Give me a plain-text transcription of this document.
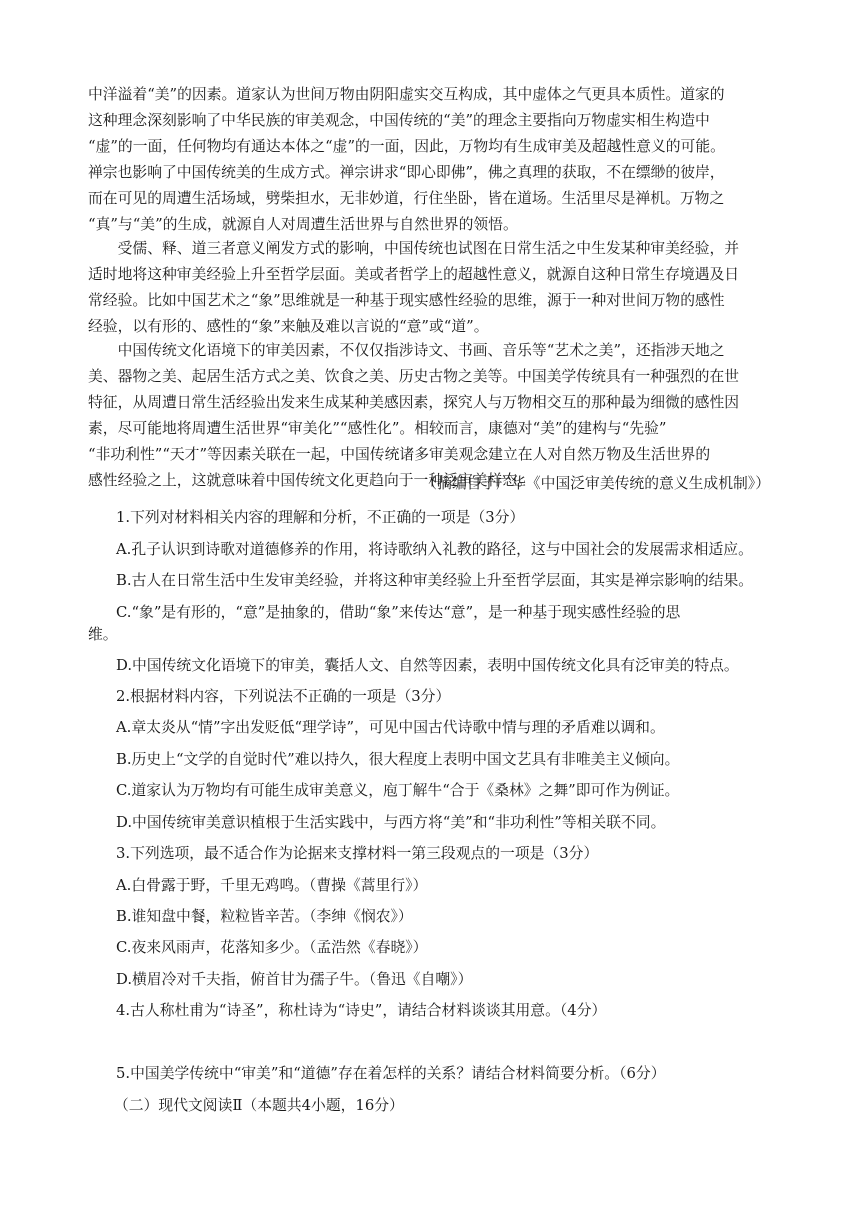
中洋溢着“美”的因素。道家认为世间万物由阴阳虚实交互构成，其中虚体之气更具本质性。道家的
这种理念深刻影响了中华民族的审美观念，中国传统的“美”的理念主要指向万物虚实相生构造中
“虚”的一面，任何物均有通达本体之“虚”的一面，因此，万物均有生成审美及超越性意义的可能。
禅宗也影响了中国传统美的生成方式。禅宗讲求“即心即佛”，佛之真理的获取，不在缥缈的彼岸，
而在可见的周遭生活场域，劈柴担水，无非妙道，行住坐卧，皆在道场。生活里尽是禅机。万物之
“真”与“美”的生成，就源自人对周遭生活世界与自然世界的领悟。
　　受儒、释、道三者意义阐发方式的影响，中国传统也试图在日常生活之中生发某种审美经验，并
适时地将这种审美经验上升至哲学层面。美或者哲学上的超越性意义，就源自这种日常生存境遇及日
常经验。比如中国艺术之“象”思维就是一种基于现实感性经验的思维，源于一种对世间万物的感性
经验，以有形的、感性的“象”来触及难以言说的“意”或“道”。
　　中国传统文化语境下的审美因素，不仅仅指涉诗文、书画、音乐等“艺术之美”，还指涉天地之
美、器物之美、起居生活方式之美、饮食之美、历史古物之美等。中国美学传统具有一种强烈的在世
特征，从周遭日常生活经验出发来生成某种美感因素，探究人与万物相交互的那种最为细微的感性因
素，尽可能地将周遭生活世界“审美化”“感性化”。相较而言，康德对“美”的建构与“先验”
“非功利性”“天才”等因素关联在一起，中国传统诸多审美观念建立在人对自然万物及生活世界的
感性经验之上，这就意味着中国传统文化更趋向于一种泛审美样态。

（摘编自于广华《中国泛审美传统的意义生成机制》）

1.下列对材料相关内容的理解和分析，不正确的一项是（3分）

A.孔子认识到诗歌对道德修养的作用，将诗歌纳入礼教的路径，这与中国社会的发展需求相适应。

B.古人在日常生活中生发审美经验，并将这种审美经验上升至哲学层面，其实是禅宗影响的结果。

C.“象”是有形的，“意”是抽象的，借助“象”来传达“意”，是一种基于现实感性经验的思

维。

D.中国传统文化语境下的审美，囊括人文、自然等因素，表明中国传统文化具有泛审美的特点。

2.根据材料内容，下列说法不正确的一项是（3分）

A.章太炎从“情”字出发贬低“理学诗”，可见中国古代诗歌中情与理的矛盾难以调和。

B.历史上“文学的自觉时代”难以持久，很大程度上表明中国文艺具有非唯美主义倾向。

C.道家认为万物均有可能生成审美意义，庖丁解牛“合于《桑林》之舞”即可作为例证。

D.中国传统审美意识植根于生活实践中，与西方将“美”和“非功利性”等相关联不同。

3.下列选项，最不适合作为论据来支撑材料一第三段观点的一项是（3分）

A.白骨露于野，千里无鸡鸣。（曹操《蒿里行》）

B.谁知盘中餐，粒粒皆辛苦。（李绅《悯农》）

C.夜来风雨声，花落知多少。（孟浩然《春晓》）

D.横眉冷对千夫指，俯首甘为孺子牛。（鲁迅《自嘲》）

4.古人称杜甫为“诗圣”，称杜诗为“诗史”，请结合材料谈谈其用意。（4分）

5.中国美学传统中“审美”和“道德”存在着怎样的关系？请结合材料简要分析。（6分）

（二）现代文阅读Ⅱ（本题共4小题，16分）
